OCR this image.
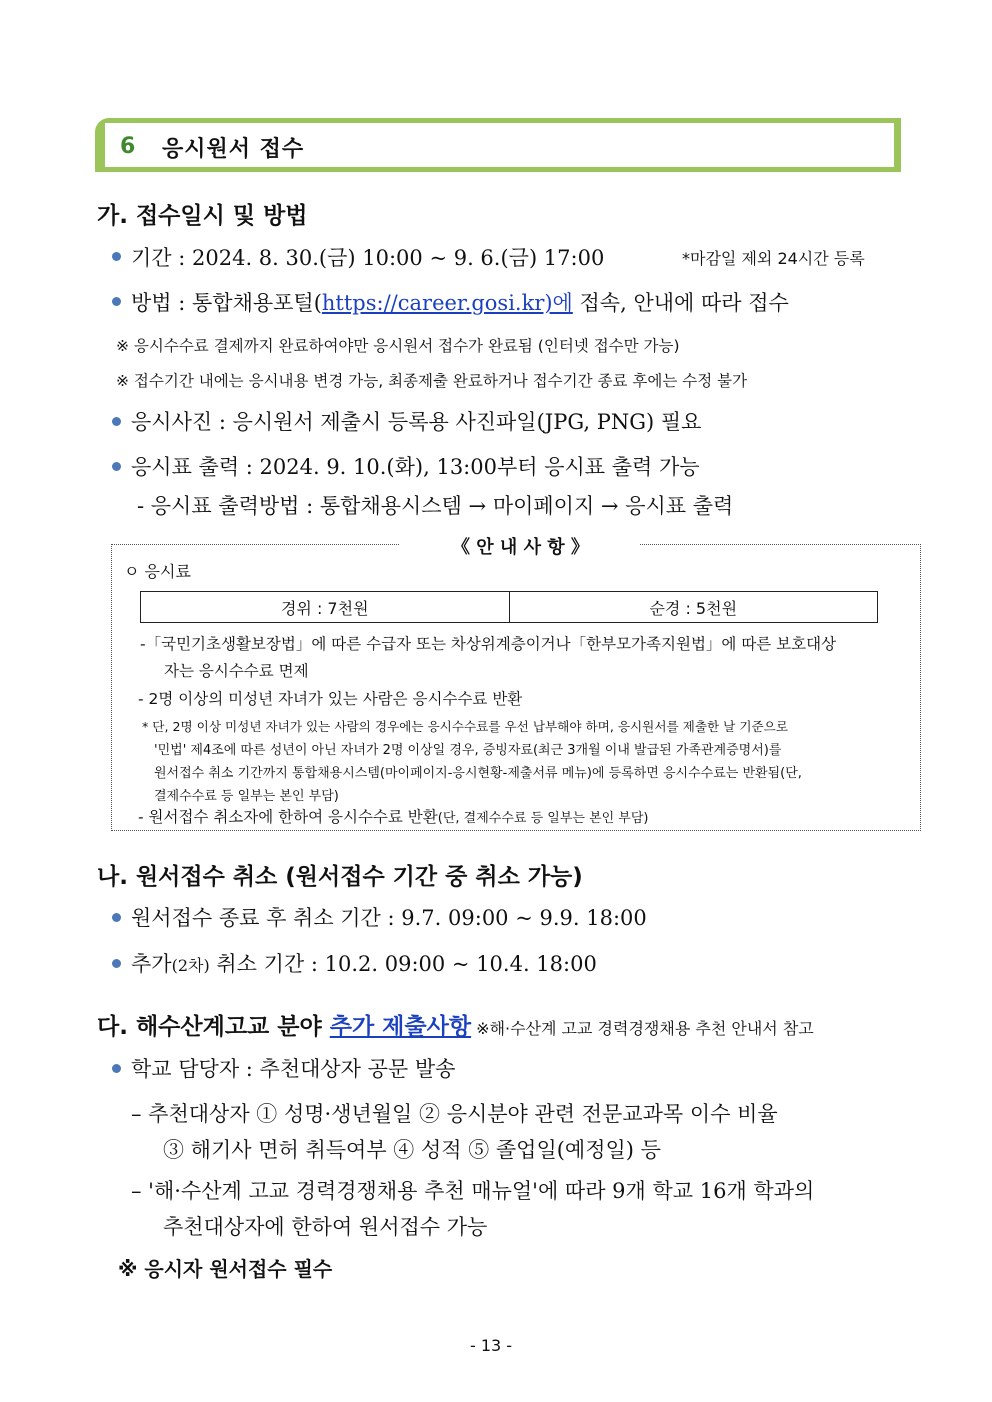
6 응시원서 접수
가. 접수일시 및 방법
기간 : 2024. 8. 30.(금) 10:00 ~ 9. 6.(금) 17:00	*마감일 제외 24시간 등록
방법 : 통합채용포털(https://career.gosi.kr)에 접속, 안내에 따라 접수
※ 응시수수료 결제까지 완료하여야만 응시원서 접수가 완료됨 (인터넷 접수만 가능)
※ 접수기간 내에는 응시내용 변경 가능, 최종제출 완료하거나 접수기간 종료 후에는 수정 불가
응시사진 : 응시원서 제출시 등록용 사진파일(JPG, PNG) 필요
응시표 출력 : 2024. 9. 10.(화), 13:00부터 응시표 출력 가능
- 응시표 출력방법 : 통합채용시스템 → 마이페이지 → 응시표 출력
《 안 내 사 항 》
ㅇ 응시료
경위 : 7천원	순경 : 5천원
-「국민기초생활보장법」에 따른 수급자 또는 차상위계층이거나「한부모가족지원법」에 따른 보호대상
자는 응시수수료 면제
- 2명 이상의 미성년 자녀가 있는 사람은 응시수수료 반환
* 단, 2명 이상 미성년 자녀가 있는 사람의 경우에는 응시수수료를 우선 납부해야 하며, 응시원서를 제출한 날 기준으로
'민법' 제4조에 따른 성년이 아닌 자녀가 2명 이상일 경우, 증빙자료(최근 3개월 이내 발급된 가족관계증명서)를
원서접수 취소 기간까지 통합채용시스템(마이페이지-응시현황-제출서류 메뉴)에 등록하면 응시수수료는 반환됨(단,
결제수수료 등 일부는 본인 부담)
- 원서접수 취소자에 한하여 응시수수료 반환(단, 결제수수료 등 일부는 본인 부담)
나. 원서접수 취소 (원서접수 기간 중 취소 가능)
원서접수 종료 후 취소 기간 : 9.7. 09:00 ~ 9.9. 18:00
추가(2차) 취소 기간 : 10.2. 09:00 ~ 10.4. 18:00
다. 해수산계고교 분야 추가 제출사항 ※해·수산계 고교 경력경쟁채용 추천 안내서 참고
학교 담당자 : 추천대상자 공문 발송
– 추천대상자 ① 성명·생년월일 ② 응시분야 관련 전문교과목 이수 비율
③ 해기사 면허 취득여부 ④ 성적 ⑤ 졸업일(예정일) 등
– '해·수산계 고교 경력경쟁채용 추천 매뉴얼'에 따라 9개 학교 16개 학과의
추천대상자에 한하여 원서접수 가능
※ 응시자 원서접수 필수
- 13 -
